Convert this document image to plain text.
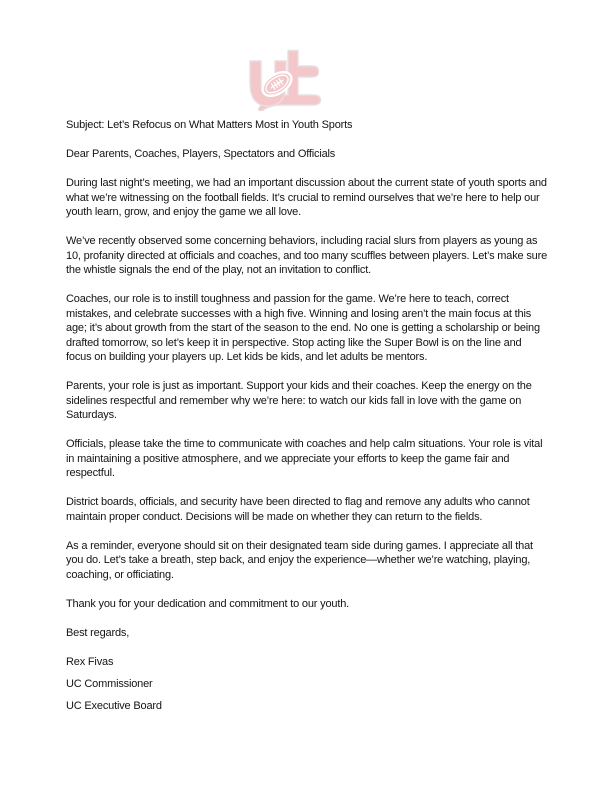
Subject: Let’s Refocus on What Matters Most in Youth Sports

Dear Parents, Coaches, Players, Spectators and Officials

During last night’s meeting, we had an important discussion about the current state of youth sports and what we’re witnessing on the football fields. It’s crucial to remind ourselves that we’re here to help our youth learn, grow, and enjoy the game we all love.

We’ve recently observed some concerning behaviors, including racial slurs from players as young as 10, profanity directed at officials and coaches, and too many scuffles between players. Let’s make sure the whistle signals the end of the play, not an invitation to conflict.

Coaches, our role is to instill toughness and passion for the game. We’re here to teach, correct mistakes, and celebrate successes with a high five. Winning and losing aren’t the main focus at this age; it’s about growth from the start of the season to the end. No one is getting a scholarship or being drafted tomorrow, so let’s keep it in perspective. Stop acting like the Super Bowl is on the line and focus on building your players up. Let kids be kids, and let adults be mentors.

Parents, your role is just as important. Support your kids and their coaches. Keep the energy on the sidelines respectful and remember why we’re here: to watch our kids fall in love with the game on Saturdays.

Officials, please take the time to communicate with coaches and help calm situations. Your role is vital in maintaining a positive atmosphere, and we appreciate your efforts to keep the game fair and respectful.

District boards, officials, and security have been directed to flag and remove any adults who cannot maintain proper conduct. Decisions will be made on whether they can return to the fields.

As a reminder, everyone should sit on their designated team side during games. I appreciate all that you do. Let’s take a breath, step back, and enjoy the experience—whether we’re watching, playing, coaching, or officiating.

Thank you for your dedication and commitment to our youth.

Best regards,

Rex Fivas

UC Commissioner

UC Executive Board
